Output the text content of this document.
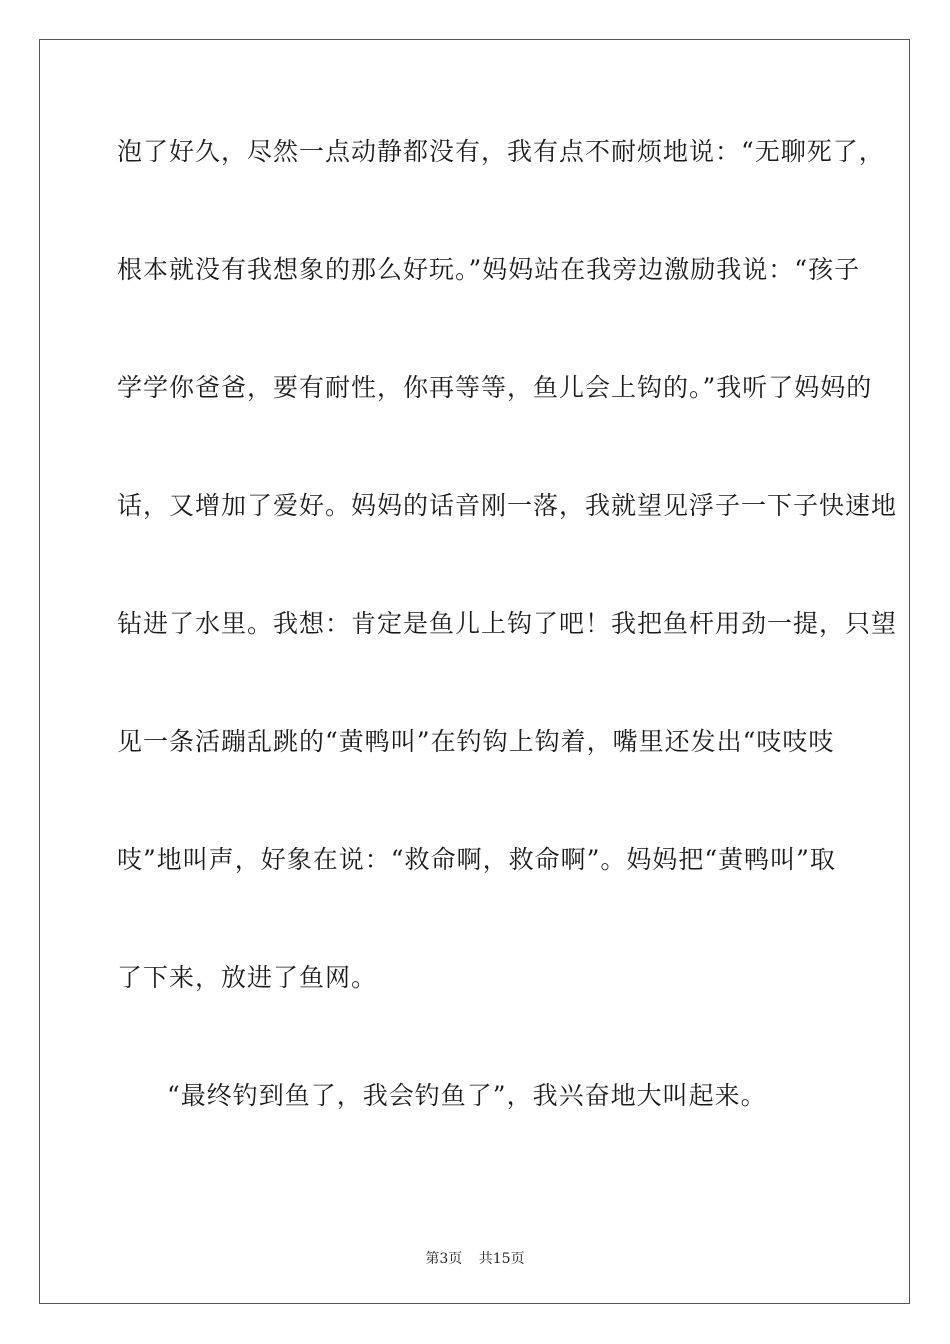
泡了好久，尽然一点动静都没有，我有点不耐烦地说：“无聊死了，
根本就没有我想象的那么好玩。”妈妈站在我旁边激励我说：“孩子
学学你爸爸，要有耐性，你再等等，鱼儿会上钩的。”我听了妈妈的
话，又增加了爱好。妈妈的话音刚一落，我就望见浮子一下子快速地
钻进了水里。我想：肯定是鱼儿上钩了吧！我把鱼杆用劲一提，只望
见一条活蹦乱跳的“黄鸭叫”在钓钩上钩着，嘴里还发出“吱吱吱
吱”地叫声，好象在说：“救命啊，救命啊”。妈妈把“黄鸭叫”取
了下来，放进了鱼网。
“最终钓到鱼了，我会钓鱼了”，我兴奋地大叫起来。
第3页 共15页
